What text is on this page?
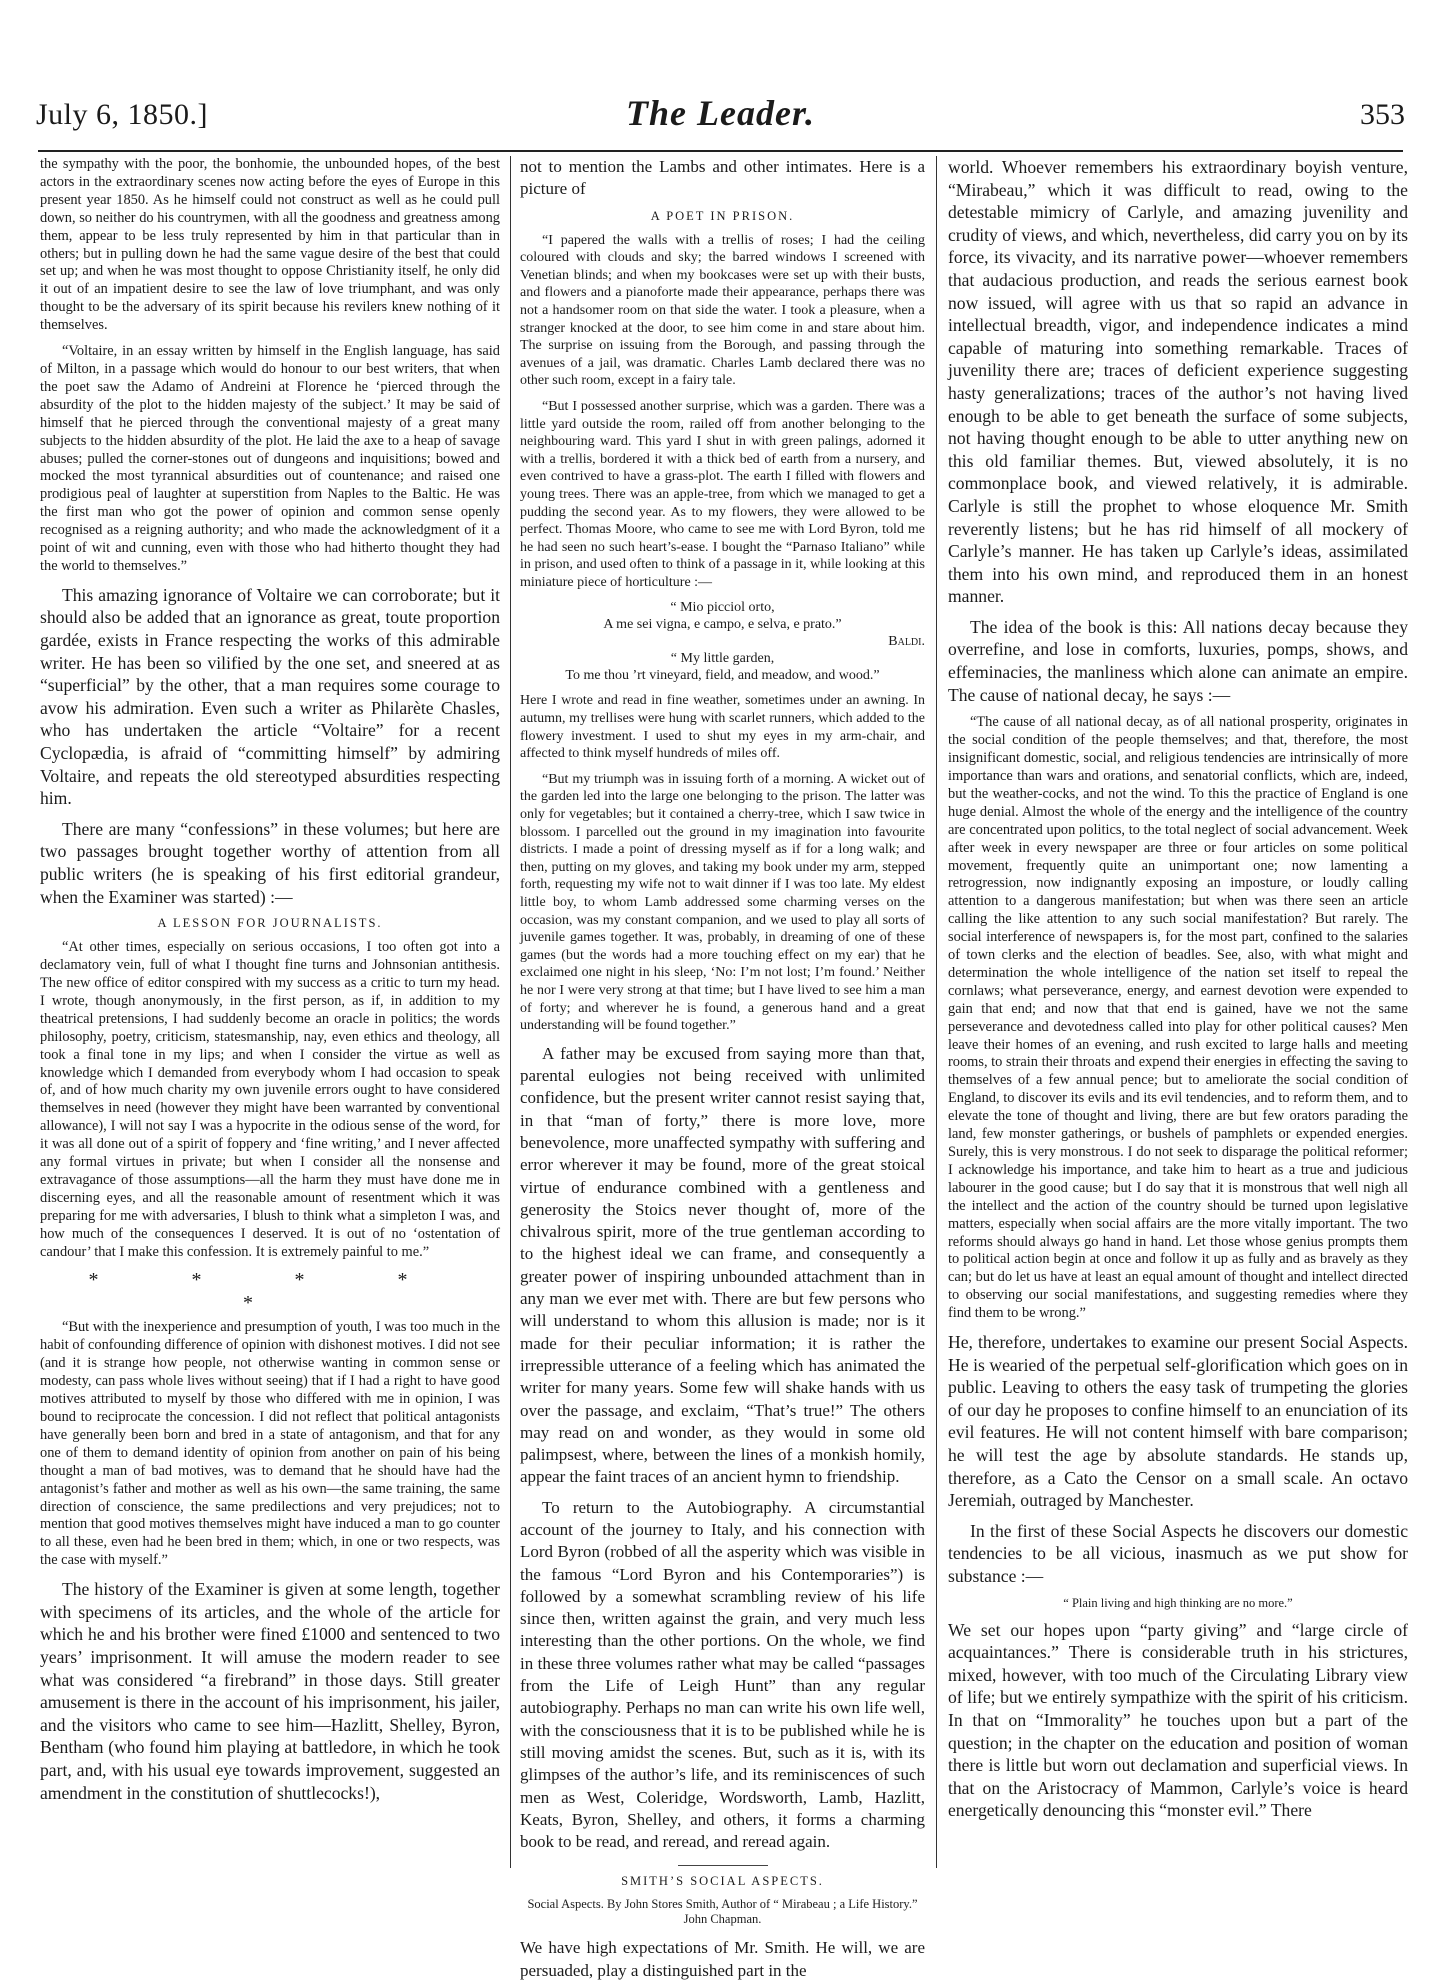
July 6, 1850.]	The Leader.	353

the sympathy with the poor, the bonhomie, the unbounded hopes, of the best actors in the extraordinary scenes now acting before the eyes of Europe in this present year 1850. As he himself could not construct as well as he could pull down, so neither do his countrymen, with all the goodness and greatness among them, appear to be less truly represented by him in that particular than in others; but in pulling down he had the same vague desire of the best that could set up; and when he was most thought to oppose Christianity itself, he only did it out of an impatient desire to see the law of love triumphant, and was only thought to be the adversary of its spirit because his revilers knew nothing of it themselves.

“Voltaire, in an essay written by himself in the English language, has said of Milton, in a passage which would do honour to our best writers, that when the poet saw the Adamo of Andreini at Florence he ‘pierced through the absurdity of the plot to the hidden majesty of the subject.’ It may be said of himself that he pierced through the conventional majesty of a great many subjects to the hidden absurdity of the plot. He laid the axe to a heap of savage abuses; pulled the corner-stones out of dungeons and inquisitions; bowed and mocked the most tyrannical absurdities out of countenance; and raised one prodigious peal of laughter at superstition from Naples to the Baltic. He was the first man who got the power of opinion and common sense openly recognised as a reigning authority; and who made the acknowledgment of it a point of wit and cunning, even with those who had hitherto thought they had the world to themselves.”

This amazing ignorance of Voltaire we can corroborate; but it should also be added that an ignorance as great, toute proportion gardée, exists in France respecting the works of this admirable writer. He has been so vilified by the one set, and sneered at as “superficial” by the other, that a man requires some courage to avow his admiration. Even such a writer as Philarète Chasles, who has undertaken the article “Voltaire” for a recent Cyclopædia, is afraid of “committing himself” by admiring Voltaire, and repeats the old stereotyped absurdities respecting him.

There are many “confessions” in these volumes; but here are two passages brought together worthy of attention from all public writers (he is speaking of his first editorial grandeur, when the Examiner was started) :—

A LESSON FOR JOURNALISTS.

“At other times, especially on serious occasions, I too often got into a declamatory vein, full of what I thought fine turns and Johnsonian antithesis. The new office of editor conspired with my success as a critic to turn my head. I wrote, though anonymously, in the first person, as if, in addition to my theatrical pretensions, I had suddenly become an oracle in politics; the words philosophy, poetry, criticism, statesmanship, nay, even ethics and theology, all took a final tone in my lips; and when I consider the virtue as well as knowledge which I demanded from everybody whom I had occasion to speak of, and of how much charity my own juvenile errors ought to have considered themselves in need (however they might have been warranted by conventional allowance), I will not say I was a hypocrite in the odious sense of the word, for it was all done out of a spirit of foppery and ‘fine writing,’ and I never affected any formal virtues in private; but when I consider all the nonsense and extravagance of those assumptions—all the harm they must have done me in discerning eyes, and all the reasonable amount of resentment which it was preparing for me with adversaries, I blush to think what a simpleton I was, and how much of the consequences I deserved. It is out of no ‘ostentation of candour’ that I make this confession. It is extremely painful to me.”

* * * * *

“But with the inexperience and presumption of youth, I was too much in the habit of confounding difference of opinion with dishonest motives. I did not see (and it is strange how people, not otherwise wanting in common sense or modesty, can pass whole lives without seeing) that if I had a right to have good motives attributed to myself by those who differed with me in opinion, I was bound to reciprocate the concession. I did not reflect that political antagonists have generally been born and bred in a state of antagonism, and that for any one of them to demand identity of opinion from another on pain of his being thought a man of bad motives, was to demand that he should have had the antagonist’s father and mother as well as his own—the same training, the same direction of conscience, the same predilections and very prejudices; not to mention that good motives themselves might have induced a man to go counter to all these, even had he been bred in them; which, in one or two respects, was the case with myself.”

The history of the Examiner is given at some length, together with specimens of its articles, and the whole of the article for which he and his brother were fined £1000 and sentenced to two years’ imprisonment. It will amuse the modern reader to see what was considered “a firebrand” in those days. Still greater amusement is there in the account of his imprisonment, his jailer, and the visitors who came to see him—Hazlitt, Shelley, Byron, Bentham (who found him playing at battledore, in which he took part, and, with his usual eye towards improvement, suggested an amendment in the constitution of shuttlecocks!),

not to mention the Lambs and other intimates. Here is a picture of

A POET IN PRISON.

“I papered the walls with a trellis of roses; I had the ceiling coloured with clouds and sky; the barred windows I screened with Venetian blinds; and when my bookcases were set up with their busts, and flowers and a pianoforte made their appearance, perhaps there was not a handsomer room on that side the water. I took a pleasure, when a stranger knocked at the door, to see him come in and stare about him. The surprise on issuing from the Borough, and passing through the avenues of a jail, was dramatic. Charles Lamb declared there was no other such room, except in a fairy tale.

“But I possessed another surprise, which was a garden. There was a little yard outside the room, railed off from another belonging to the neighbouring ward. This yard I shut in with green palings, adorned it with a trellis, bordered it with a thick bed of earth from a nursery, and even contrived to have a grass-plot. The earth I filled with flowers and young trees. There was an apple-tree, from which we managed to get a pudding the second year. As to my flowers, they were allowed to be perfect. Thomas Moore, who came to see me with Lord Byron, told me he had seen no such heart’s-ease. I bought the “Parnaso Italiano” while in prison, and used often to think of a passage in it, while looking at this miniature piece of horticulture :—

“ Mio picciol orto,
A me sei vigna, e campo, e selva, e prato.”
Baldi.
“ My little garden,
To me thou ’rt vineyard, field, and meadow, and wood.”

Here I wrote and read in fine weather, sometimes under an awning. In autumn, my trellises were hung with scarlet runners, which added to the flowery investment. I used to shut my eyes in my arm-chair, and affected to think myself hundreds of miles off.

“But my triumph was in issuing forth of a morning. A wicket out of the garden led into the large one belonging to the prison. The latter was only for vegetables; but it contained a cherry-tree, which I saw twice in blossom. I parcelled out the ground in my imagination into favourite districts. I made a point of dressing myself as if for a long walk; and then, putting on my gloves, and taking my book under my arm, stepped forth, requesting my wife not to wait dinner if I was too late. My eldest little boy, to whom Lamb addressed some charming verses on the occasion, was my constant companion, and we used to play all sorts of juvenile games together. It was, probably, in dreaming of one of these games (but the words had a more touching effect on my ear) that he exclaimed one night in his sleep, ‘No: I’m not lost; I’m found.’ Neither he nor I were very strong at that time; but I have lived to see him a man of forty; and wherever he is found, a generous hand and a great understanding will be found together.”

A father may be excused from saying more than that, parental eulogies not being received with unlimited confidence, but the present writer cannot resist saying that, in that “man of forty,” there is more love, more benevolence, more unaffected sympathy with suffering and error wherever it may be found, more of the great stoical virtue of endurance combined with a gentleness and generosity the Stoics never thought of, more of the chivalrous spirit, more of the true gentleman according to to the highest ideal we can frame, and consequently a greater power of inspiring unbounded attachment than in any man we ever met with. There are but few persons who will understand to whom this allusion is made; nor is it made for their peculiar information; it is rather the irrepressible utterance of a feeling which has animated the writer for many years. Some few will shake hands with us over the passage, and exclaim, “That’s true!” The others may read on and wonder, as they would in some old palimpsest, where, between the lines of a monkish homily, appear the faint traces of an ancient hymn to friendship.

To return to the Autobiography. A circumstantial account of the journey to Italy, and his connection with Lord Byron (robbed of all the asperity which was visible in the famous “Lord Byron and his Contemporaries”) is followed by a somewhat scrambling review of his life since then, written against the grain, and very much less interesting than the other portions. On the whole, we find in these three volumes rather what may be called “passages from the Life of Leigh Hunt” than any regular autobiography. Perhaps no man can write his own life well, with the consciousness that it is to be published while he is still moving amidst the scenes. But, such as it is, with its glimpses of the author’s life, and its reminiscences of such men as West, Coleridge, Wordsworth, Lamb, Hazlitt, Keats, Byron, Shelley, and others, it forms a charming book to be read, and reread, and reread again.

SMITH’S SOCIAL ASPECTS.
Social Aspects. By John Stores Smith, Author of “ Mirabeau ; a Life History.” John Chapman.

We have high expectations of Mr. Smith. He will, we are persuaded, play a distinguished part in the

world. Whoever remembers his extraordinary boyish venture, “Mirabeau,” which it was difficult to read, owing to the detestable mimicry of Carlyle, and amazing juvenility and crudity of views, and which, nevertheless, did carry you on by its force, its vivacity, and its narrative power—whoever remembers that audacious production, and reads the serious earnest book now issued, will agree with us that so rapid an advance in intellectual breadth, vigor, and independence indicates a mind capable of maturing into something remarkable. Traces of juvenility there are; traces of deficient experience suggesting hasty generalizations; traces of the author’s not having lived enough to be able to get beneath the surface of some subjects, not having thought enough to be able to utter anything new on this old familiar themes. But, viewed absolutely, it is no commonplace book, and viewed relatively, it is admirable. Carlyle is still the prophet to whose eloquence Mr. Smith reverently listens; but he has rid himself of all mockery of Carlyle’s manner. He has taken up Carlyle’s ideas, assimilated them into his own mind, and reproduced them in an honest manner.

The idea of the book is this: All nations decay because they overrefine, and lose in comforts, luxuries, pomps, shows, and effeminacies, the manliness which alone can animate an empire. The cause of national decay, he says :—

“The cause of all national decay, as of all national prosperity, originates in the social condition of the people themselves; and that, therefore, the most insignificant domestic, social, and religious tendencies are intrinsically of more importance than wars and orations, and senatorial conflicts, which are, indeed, but the weather-cocks, and not the wind. To this the practice of England is one huge denial. Almost the whole of the energy and the intelligence of the country are concentrated upon politics, to the total neglect of social advancement. Week after week in every newspaper are three or four articles on some political movement, frequently quite an unimportant one; now lamenting a retrogression, now indignantly exposing an imposture, or loudly calling attention to a dangerous manifestation; but when was there seen an article calling the like attention to any such social manifestation? But rarely. The social interference of newspapers is, for the most part, confined to the salaries of town clerks and the election of beadles. See, also, with what might and determination the whole intelligence of the nation set itself to repeal the cornlaws; what perseverance, energy, and earnest devotion were expended to gain that end; and now that that end is gained, have we not the same perseverance and devotedness called into play for other political causes? Men leave their homes of an evening, and rush excited to large halls and meeting rooms, to strain their throats and expend their energies in effecting the saving to themselves of a few annual pence; but to ameliorate the social condition of England, to discover its evils and its evil tendencies, and to reform them, and to elevate the tone of thought and living, there are but few orators parading the land, few monster gatherings, or bushels of pamphlets or expended energies. Surely, this is very monstrous. I do not seek to disparage the political reformer; I acknowledge his importance, and take him to heart as a true and judicious labourer in the good cause; but I do say that it is monstrous that well nigh all the intellect and the action of the country should be turned upon legislative matters, especially when social affairs are the more vitally important. The two reforms should always go hand in hand. Let those whose genius prompts them to political action begin at once and follow it up as fully and as bravely as they can; but do let us have at least an equal amount of thought and intellect directed to observing our social manifestations, and suggesting remedies where they find them to be wrong.”

He, therefore, undertakes to examine our present Social Aspects. He is wearied of the perpetual self-glorification which goes on in public. Leaving to others the easy task of trumpeting the glories of our day he proposes to confine himself to an enunciation of its evil features. He will not content himself with bare comparison; he will test the age by absolute standards. He stands up, therefore, as a Cato the Censor on a small scale. An octavo Jeremiah, outraged by Manchester.

In the first of these Social Aspects he discovers our domestic tendencies to be all vicious, inasmuch as we put show for substance :—

“ Plain living and high thinking are no more.”

We set our hopes upon “party giving” and “large circle of acquaintances.” There is considerable truth in his strictures, mixed, however, with too much of the Circulating Library view of life; but we entirely sympathize with the spirit of his criticism. In that on “Immorality” he touches upon but a part of the question; in the chapter on the education and position of woman there is little but worn out declamation and superficial views. In that on the Aristocracy of Mammon, Carlyle’s voice is heard energetically denouncing this “monster evil.” There
